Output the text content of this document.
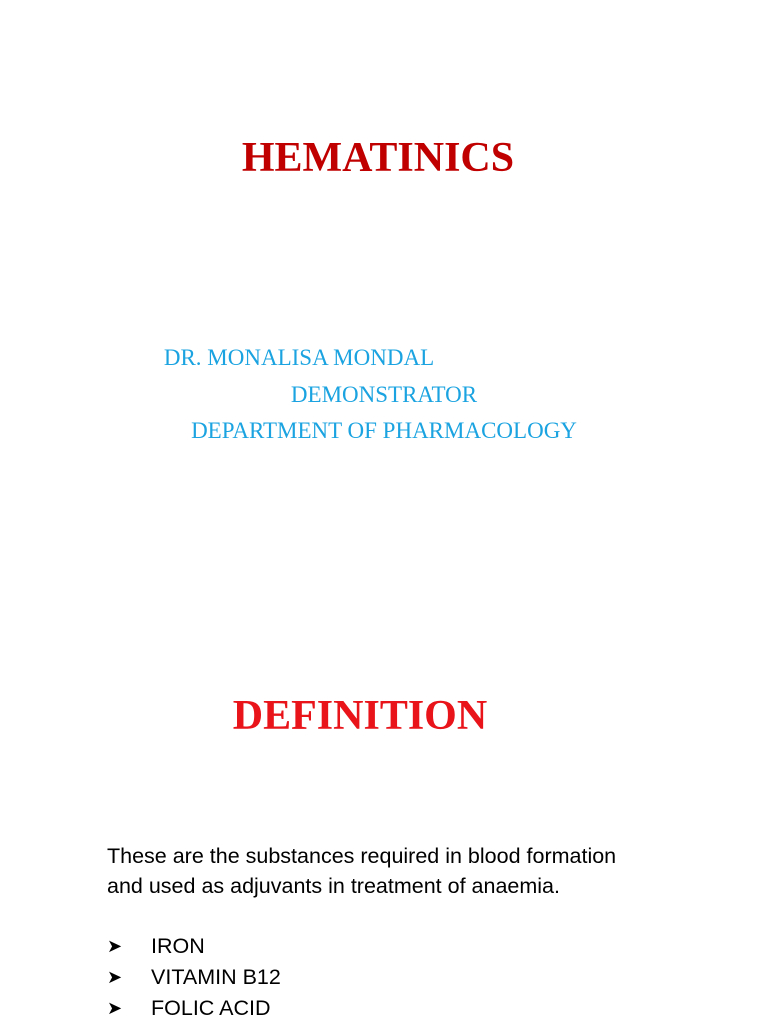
HEMATINICS
DR. MONALISA MONDAL
DEMONSTRATOR
DEPARTMENT OF PHARMACOLOGY
DEFINITION

These are the substances required in blood formation

and used as adjuvants in treatment of anaemia.

➤	IRON
➤	VITAMIN B12
➤	FOLIC ACID
